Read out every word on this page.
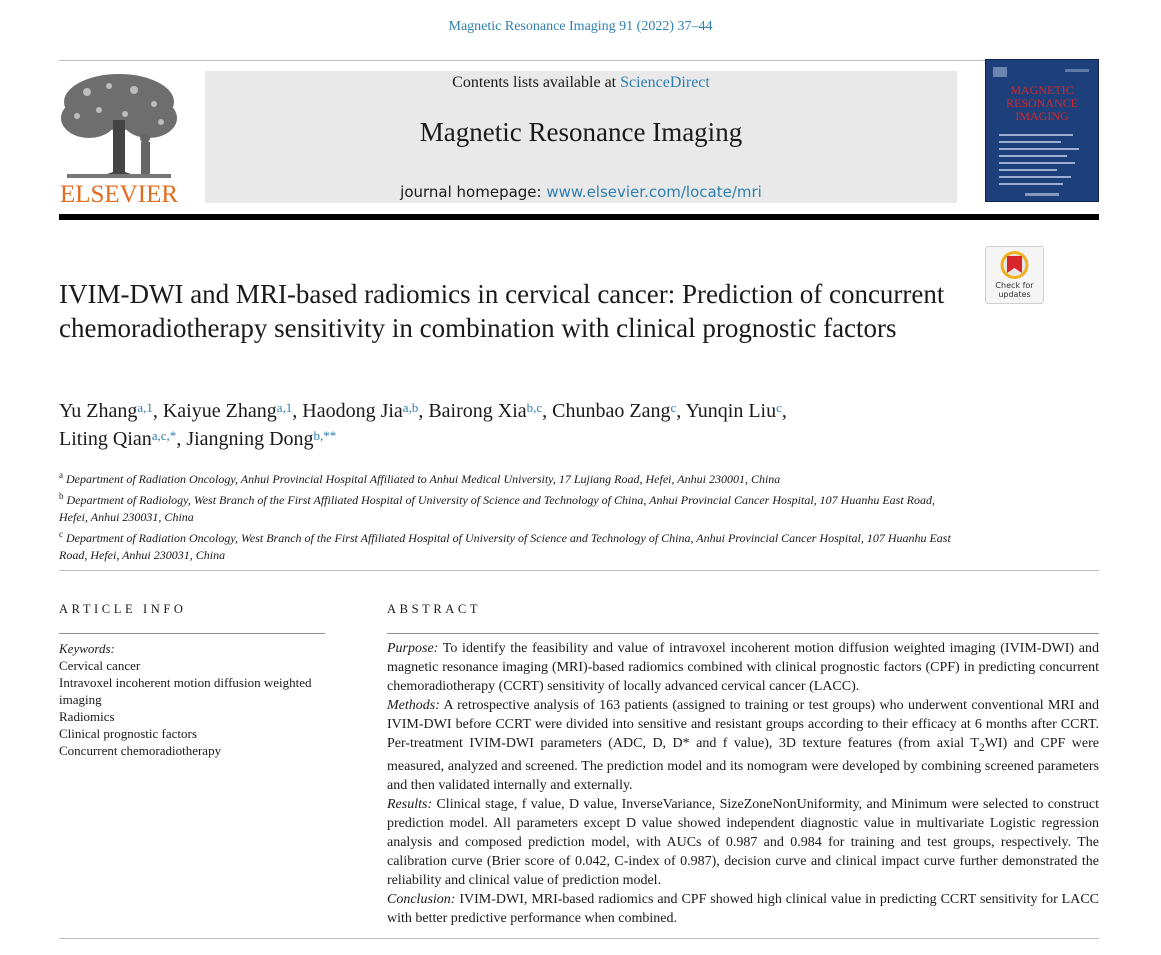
Magnetic Resonance Imaging 91 (2022) 37–44
ELSEVIER
Contents lists available at ScienceDirect
Magnetic Resonance Imaging
journal homepage: www.elsevier.com/locate/mri
MAGNETIC
RESONANCE
IMAGING
Check for
updates
IVIM-DWI and MRI-based radiomics in cervical cancer: Prediction of concurrent chemoradiotherapy sensitivity in combination with clinical prognostic factors
Yu Zhang$^{a,1}$, Kaiyue Zhang$^{a,1}$, Haodong Jia$^{a,b}$, Bairong Xia$^{b,c}$, Chunbao Zang$^c$, Yunqin Liu$^c$,
Liting Qian$^{a,c,*}$, Jiangning Dong$^{b,**}$

$^a$ Department of Radiation Oncology, Anhui Provincial Hospital Affiliated to Anhui Medical University, 17 Lujiang Road, Hefei, Anhui 230001, China

$^b$ Department of Radiology, West Branch of the First Affiliated Hospital of University of Science and Technology of China, Anhui Provincial Cancer Hospital, 107 Huanhu East Road, Hefei, Anhui 230031, China

$^c$ Department of Radiation Oncology, West Branch of the First Affiliated Hospital of University of Science and Technology of China, Anhui Provincial Cancer Hospital, 107 Huanhu East Road, Hefei, Anhui 230031, China

ARTICLE INFO
Keywords:

Cervical cancer

Intravoxel incoherent motion diffusion weighted imaging

Radiomics

Clinical prognostic factors

Concurrent chemoradiotherapy

ABSTRACT

Purpose: To identify the feasibility and value of intravoxel incoherent motion diffusion weighted imaging (IVIM-DWI) and magnetic resonance imaging (MRI)-based radiomics combined with clinical prognostic factors (CPF) in predicting concurrent chemoradiotherapy (CCRT) sensitivity of locally advanced cervical cancer (LACC).

Methods: A retrospective analysis of 163 patients (assigned to training or test groups) who underwent conventional MRI and IVIM-DWI before CCRT were divided into sensitive and resistant groups according to their efficacy at 6 months after CCRT. Per-treatment IVIM-DWI parameters (ADC, D, D* and f value), 3D texture features (from axial $T_2WI$) and CPF were measured, analyzed and screened. The prediction model and its nomogram were developed by combining screened parameters and then validated internally and externally.

Results: Clinical stage, f value, D value, InverseVariance, SizeZoneNonUniformity, and Minimum were selected to construct prediction model. All parameters except D value showed independent diagnostic value in multivariate Logistic regression analysis and composed prediction model, with AUCs of 0.987 and 0.984 for training and test groups, respectively. The calibration curve (Brier score of 0.042, C-index of 0.987), decision curve and clinical impact curve further demonstrated the reliability and clinical value of prediction model.

Conclusion: IVIM-DWI, MRI-based radiomics and CPF showed high clinical value in predicting CCRT sensitivity for LACC with better predictive performance when combined.
